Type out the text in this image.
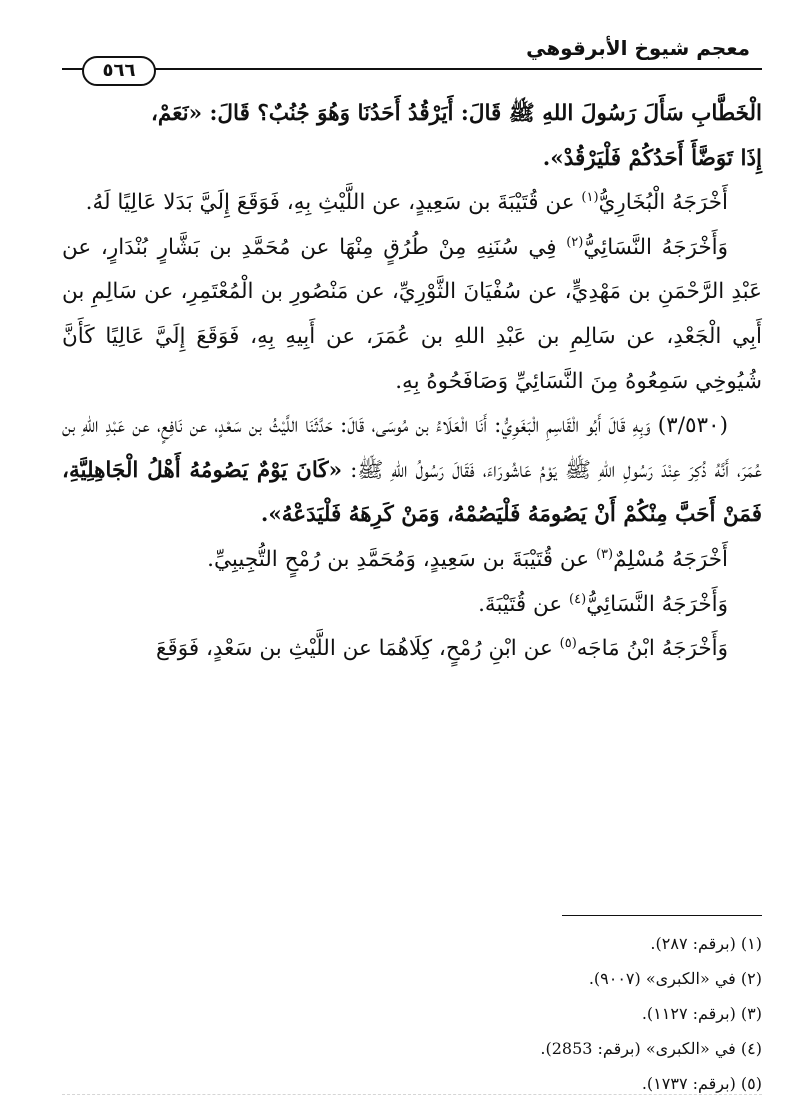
معجم شيوخ الأبرقوهي
٥٦٦

الْخَطَّابِ سَأَلَ رَسُولَ اللهِ ﷺ قَالَ: أَيَرْقُدُ أَحَدُنَا وَهُوَ جُنُبٌ؟ قَالَ: «نَعَمْ،
إِذَا تَوَضَّأَ أَحَدُكُمْ فَلْيَرْقُدْ».

أَخْرَجَهُ الْبُخَارِيُّ$^{(١)}$ عن قُتَيْبَةَ بن سَعِيدٍ، عن اللَّيْثِ بِهِ، فَوَقَعَ إِلَيَّ بَدَلا عَالِيًا لَهُ.

وَأَخْرَجَهُ النَّسَائِيُّ$^{(٢)}$ فِي سُنَنِهِ مِنْ طُرُقٍ مِنْهَا عن مُحَمَّدِ بن بَشَّارٍ بُنْدَارٍ، عن عَبْدِ الرَّحْمَنِ بن مَهْدِيٍّ، عن سُفْيَانَ الثَّوْرِيِّ، عن مَنْصُورِ بن الْمُعْتَمِرِ، عن سَالِمِ بن أَبِي الْجَعْدِ، عن سَالِمِ بن عَبْدِ اللهِ بن عُمَرَ، عن أَبِيهِ بِهِ، فَوَقَعَ إِلَيَّ عَالِيًا كَأَنَّ شُيُوخِي سَمِعُوهُ مِنَ النَّسَائِيِّ وَصَافَحُوهُ بِهِ.

(٣/٥٣٠) وَبِهِ قَالَ أَبُو الْقَاسِمِ الْبَغَوِيُّ: أَنَا الْعَلَاءُ بن مُوسَى، قَالَ: حَدَّثَنَا اللَّيْثُ بن سَعْدٍ، عن نَافِعٍ، عن عَبْدِ اللهِ بن عُمَرَ، أَنَّهُ ذُكِرَ عِنْدَ رَسُولِ اللهِ ﷺ يَوْمُ عَاشُورَاءَ، فَقَالَ رَسُولُ اللهِ ﷺ: «كَانَ يَوْمٌ يَصُومُهُ أَهْلُ الْجَاهِلِيَّةِ، فَمَنْ أَحَبَّ مِنْكُمْ أَنْ يَصُومَهُ فَلْيَصُمْهُ، وَمَنْ كَرِهَهُ فَلْيَدَعْهُ».

أَخْرَجَهُ مُسْلِمٌ$^{(٣)}$ عن قُتَيْبَةَ بن سَعِيدٍ، وَمُحَمَّدِ بن رُمْحٍ التُّجِيبِيِّ.

وَأَخْرَجَهُ النَّسَائِيُّ$^{(٤)}$ عن قُتَيْبَةَ.

وَأَخْرَجَهُ ابْنُ مَاجَه$^{(٥)}$ عن ابْنِ رُمْحٍ، كِلَاهُمَا عن اللَّيْثِ بن سَعْدٍ، فَوَقَعَ

(١) (برقم: ٢٨٧).
(٢) في «الكبرى» (٩٠٠٧).
(٣) (برقم: ١١٢٧).
(٤) في «الكبرى» (برقم: 2853).
(٥) (برقم: ١٧٣٧).
